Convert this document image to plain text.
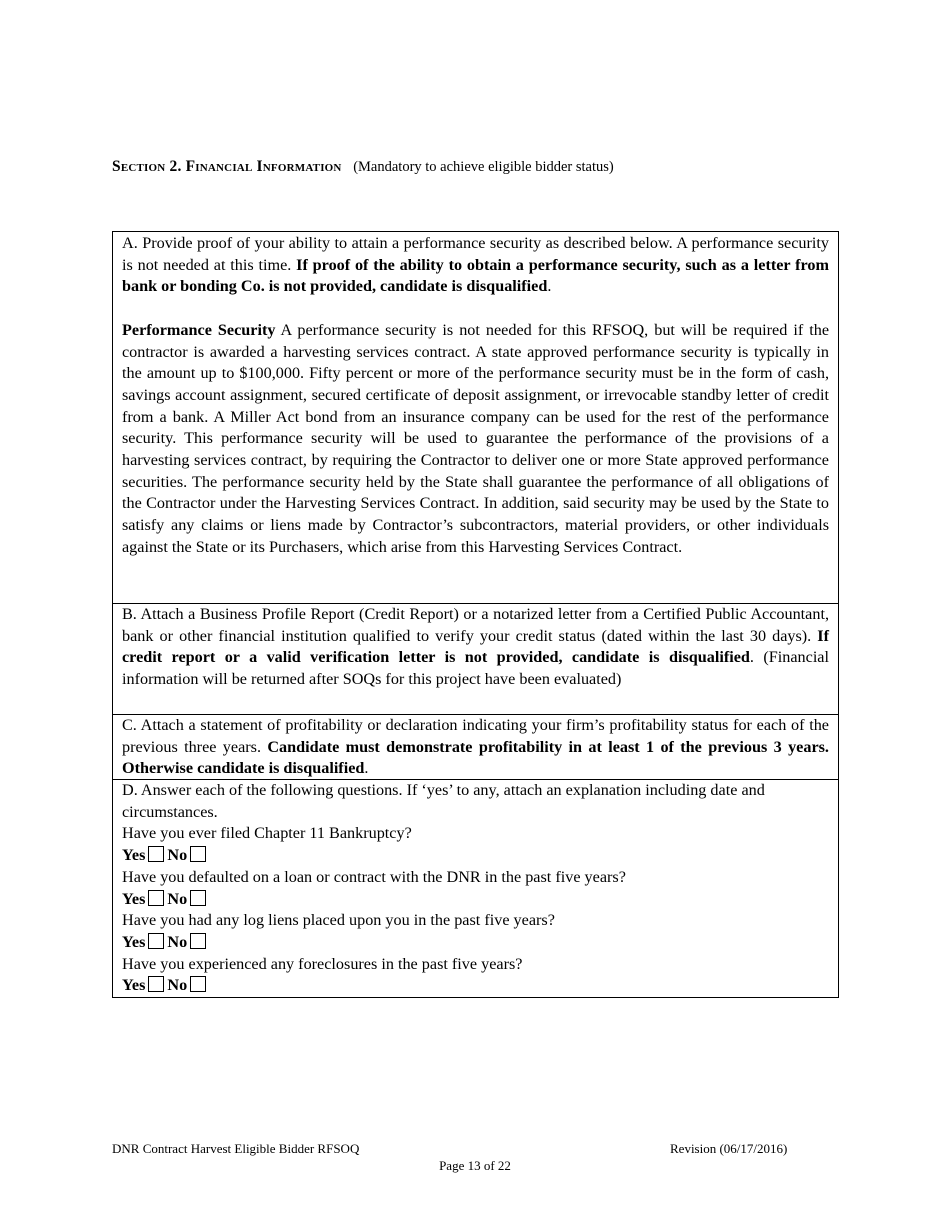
Section 2. Financial Information (Mandatory to achieve eligible bidder status)

A. Provide proof of your ability to attain a performance security as described below. A performance security is not needed at this time. If proof of the ability to obtain a performance security, such as a letter from bank or bonding Co. is not provided, candidate is disqualified.

Performance Security A performance security is not needed for this RFSOQ, but will be required if the contractor is awarded a harvesting services contract. A state approved performance security is typically in the amount up to $100,000. Fifty percent or more of the performance security must be in the form of cash, savings account assignment, secured certificate of deposit assignment, or irrevocable standby letter of credit from a bank. A Miller Act bond from an insurance company can be used for the rest of the performance security. This performance security will be used to guarantee the performance of the provisions of a harvesting services contract, by requiring the Contractor to deliver one or more State approved performance securities. The performance security held by the State shall guarantee the performance of all obligations of the Contractor under the Harvesting Services Contract. In addition, said security may be used by the State to satisfy any claims or liens made by Contractor’s subcontractors, material providers, or other individuals against the State or its Purchasers, which arise from this Harvesting Services Contract.

B. Attach a Business Profile Report (Credit Report) or a notarized letter from a Certified Public Accountant, bank or other financial institution qualified to verify your credit status (dated within the last 30 days). If credit report or a valid verification letter is not provided, candidate is disqualified. (Financial information will be returned after SOQs for this project have been evaluated)

C. Attach a statement of profitability or declaration indicating your firm’s profitability status for each of the previous three years. Candidate must demonstrate profitability in at least 1 of the previous 3 years. Otherwise candidate is disqualified.

D. Answer each of the following questions. If ‘yes’ to any, attach an explanation including date and circumstances.

Have you ever filed Chapter 11 Bankruptcy?

Yes No

Have you defaulted on a loan or contract with the DNR in the past five years?

Yes No

Have you had any log liens placed upon you in the past five years?

Yes No

Have you experienced any foreclosures in the past five years?

Yes No
DNR Contract Harvest Eligible Bidder RFSOQ	Revision (06/17/2016)
Page 13 of 22
